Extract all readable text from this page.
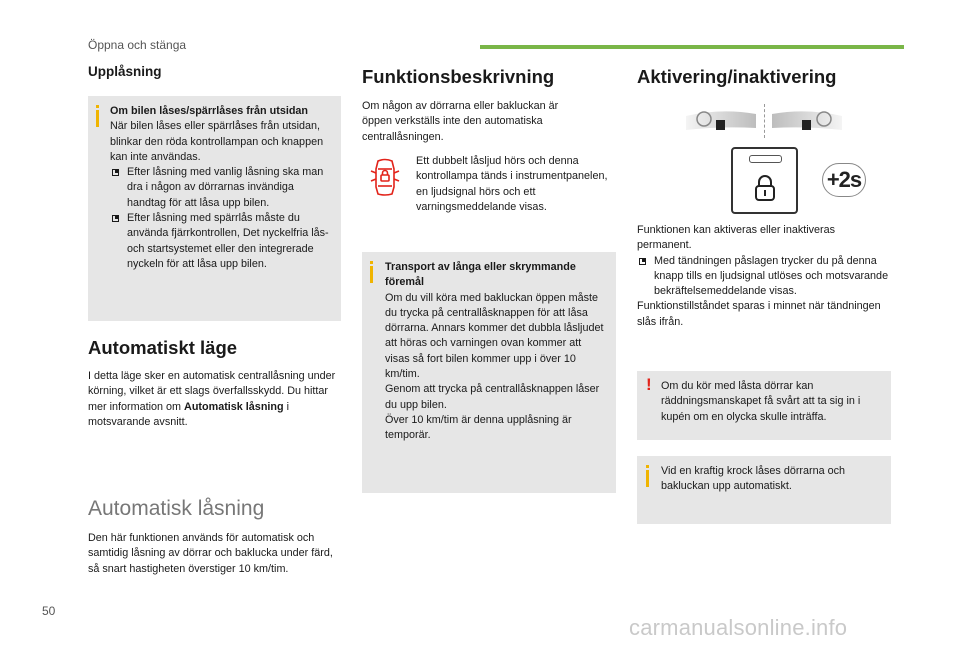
Öppna och stänga
Upplåsning

Om bilen låses/spärrlåses från utsidan

När bilen låses eller spärrlåses från utsidan, blinkar den röda kontrollampan och knappen kan inte användas.

Efter låsning med vanlig låsning ska man dra i någon av dörrarnas invändiga handtag för att låsa upp bilen.

Efter låsning med spärrlås måste du använda fjärrkontrollen, Det nyckelfria lås- och startsystemet eller den integrerade nyckeln för att låsa upp bilen.

Automatiskt läge

I detta läge sker en automatisk centrallåsning under körning, vilket är ett slags överfallsskydd. Du hittar mer information om Automatisk låsning i motsvarande avsnitt.

Automatisk låsning
Den här funktionen används för automatisk och samtidig låsning av dörrar och baklucka under färd, så snart hastigheten överstiger 10 km/tim.
Funktionsbeskrivning
Om någon av dörrarna eller bakluckan är öppen verkställs inte den automatiska centrallåsningen.
Ett dubbelt låsljud hörs och denna kontrollampa tänds i instrumentpanelen, en ljudsignal hörs och ett varningsmeddelande visas.

Transport av långa eller skrymmande föremål

Om du vill köra med bakluckan öppen måste du trycka på centrallåsknappen för att låsa dörrarna. Annars kommer det dubbla låsljudet att höras och varningen ovan kommer att visas så fort bilen kommer upp i över 10 km/tim.

Genom att trycka på centrallåsknappen låser du upp bilen.

Över 10 km/tim är denna upplåsning är temporär.

Aktivering/inaktivering
+2s

Funktionen kan aktiveras eller inaktiveras permanent.

Med tändningen påslagen trycker du på denna knapp tills en ljudsignal utlöses och motsvarande bekräftelsemeddelande visas.

Funktionstillståndet sparas i minnet när tändningen slås ifrån.

! Om du kör med låsta dörrar kan räddningsmanskapet få svårt att ta sig in i kupén om en olycka skulle inträffa.

Vid en kraftig krock låses dörrarna och bakluckan upp automatiskt.

50
carmanualsonline.info
